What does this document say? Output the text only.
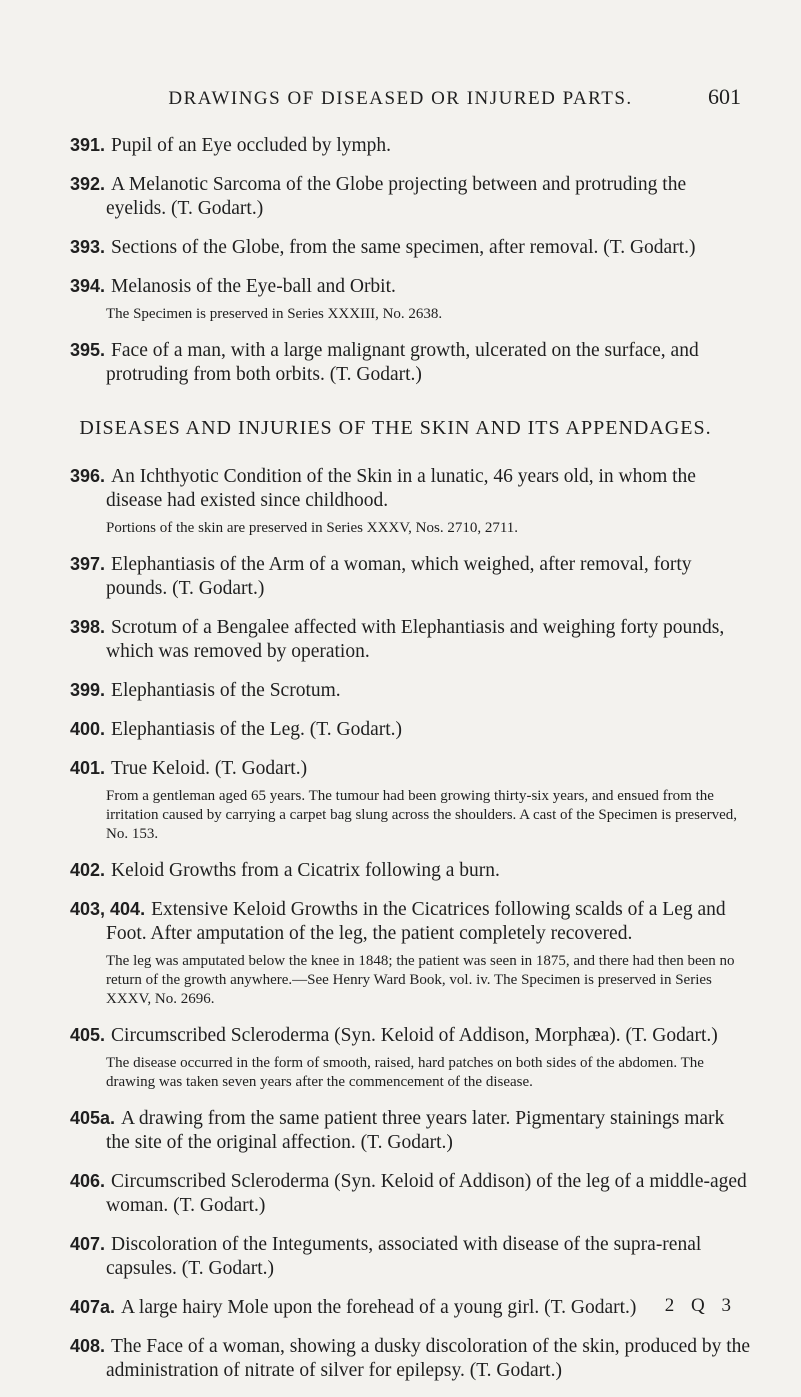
DRAWINGS OF DISEASED OR INJURED PARTS.	601

391. Pupil of an Eye occluded by lymph.

392. A Melanotic Sarcoma of the Globe projecting between and protruding the eyelids. (T. Godart.)

393. Sections of the Globe, from the same specimen, after removal. (T. Godart.)

394. Melanosis of the Eye-ball and Orbit.

The Specimen is preserved in Series XXXIII, No. 2638.

395. Face of a man, with a large malignant growth, ulcerated on the surface, and protruding from both orbits. (T. Godart.)

DISEASES AND INJURIES OF THE SKIN AND ITS APPENDAGES.

396. An Ichthyotic Condition of the Skin in a lunatic, 46 years old, in whom the disease had existed since childhood.

Portions of the skin are preserved in Series XXXV, Nos. 2710, 2711.

397. Elephantiasis of the Arm of a woman, which weighed, after removal, forty pounds. (T. Godart.)

398. Scrotum of a Bengalee affected with Elephantiasis and weighing forty pounds, which was removed by operation.

399. Elephantiasis of the Scrotum.

400. Elephantiasis of the Leg. (T. Godart.)

401. True Keloid. (T. Godart.)

From a gentleman aged 65 years. The tumour had been growing thirty-six years, and ensued from the irritation caused by carrying a carpet bag slung across the shoulders. A cast of the Specimen is preserved, No. 153.

402. Keloid Growths from a Cicatrix following a burn.

403, 404. Extensive Keloid Growths in the Cicatrices following scalds of a Leg and Foot. After amputation of the leg, the patient completely recovered.

The leg was amputated below the knee in 1848; the patient was seen in 1875, and there had then been no return of the growth anywhere.—See Henry Ward Book, vol. iv. The Specimen is preserved in Series XXXV, No. 2696.

405. Circumscribed Scleroderma (Syn. Keloid of Addison, Morphæa). (T. Godart.)

The disease occurred in the form of smooth, raised, hard patches on both sides of the abdomen. The drawing was taken seven years after the commencement of the disease.

405a. A drawing from the same patient three years later. Pigmentary stainings mark the site of the original affection. (T. Godart.)

406. Circumscribed Scleroderma (Syn. Keloid of Addison) of the leg of a middle-aged woman. (T. Godart.)

407. Discoloration of the Integuments, associated with disease of the supra-renal capsules. (T. Godart.)

407a. A large hairy Mole upon the forehead of a young girl. (T. Godart.)

408. The Face of a woman, showing a dusky discoloration of the skin, produced by the administration of nitrate of silver for epilepsy. (T. Godart.)

2 Q 3
